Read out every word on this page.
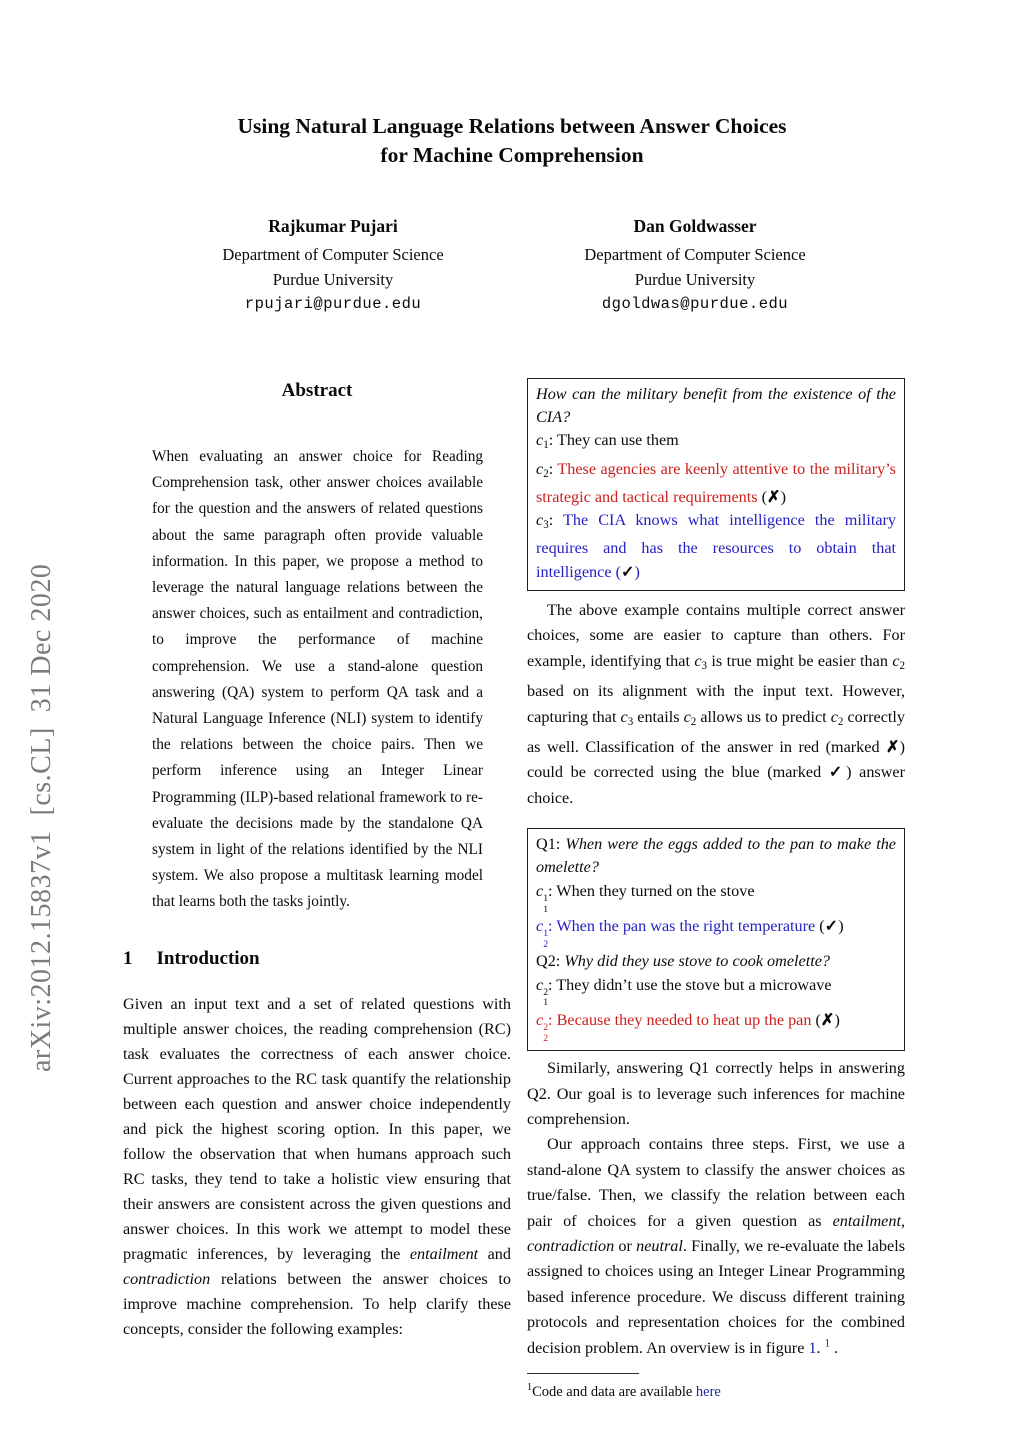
arXiv:2012.15837v1  [cs.CL]  31 Dec 2020
Using Natural Language Relations between Answer Choices
for Machine Comprehension
Rajkumar Pujari
Department of Computer Science
Purdue University
rpujari@purdue.edu
Dan Goldwasser
Department of Computer Science
Purdue University
dgoldwas@purdue.edu
Abstract
When evaluating an answer choice for Reading Comprehension task, other answer choices available for the question and the answers of related questions about the same paragraph often provide valuable information. In this paper, we propose a method to leverage the natural language relations between the answer choices, such as entailment and contradiction, to improve the performance of machine comprehension. We use a stand-alone question answering (QA) system to perform QA task and a Natural Language Inference (NLI) system to identify the relations between the choice pairs. Then we perform inference using an Integer Linear Programming (ILP)-based relational framework to re-evaluate the decisions made by the standalone QA system in light of the relations identified by the NLI system. We also propose a multitask learning model that learns both the tasks jointly.
1 Introduction
Given an input text and a set of related questions with multiple answer choices, the reading comprehension (RC) task evaluates the correctness of each answer choice. Current approaches to the RC task quantify the relationship between each question and answer choice independently and pick the highest scoring option. In this paper, we follow the observation that when humans approach such RC tasks, they tend to take a holistic view ensuring that their answers are consistent across the given questions and answer choices. In this work we attempt to model these pragmatic inferences, by leveraging the entailment and contradiction relations between the answer choices to improve machine comprehension. To help clarify these concepts, consider the following examples:
How can the military benefit from the existence of the CIA?
c1: They can use them
c2: These agencies are keenly attentive to the military’s strategic and tactical requirements (✗)
c3: The CIA knows what intelligence the military requires and has the resources to obtain that intelligence (✓)
The above example contains multiple correct answer choices, some are easier to capture than others. For example, identifying that c3 is true might be easier than c2 based on its alignment with the input text. However, capturing that c3 entails c2 allows us to predict c2 correctly as well. Classification of the answer in red (marked ✗) could be corrected using the blue (marked ✓) answer choice.
Q1: When were the eggs added to the pan to make the omelette?
c 1
1
: When they turned on the stove
c 1
2
: When the pan was the right temperature (✓)
Q2: Why did they use stove to cook omelette?
c 2
1
: They didn’t use the stove but a microwave
c 2
2
: Because they needed to heat up the pan (✗)
Similarly, answering Q1 correctly helps in answering Q2. Our goal is to leverage such inferences for machine comprehension.
Our approach contains three steps. First, we use a stand-alone QA system to classify the answer choices as true/false. Then, we classify the relation between each pair of choices for a given question as entailment, contradiction or neutral. Finally, we re-evaluate the labels assigned to choices using an Integer Linear Programming based inference procedure. We discuss different training protocols and representation choices for the combined decision problem. An overview is in figure 1. $^1$ .
$^1$Code and data are available here
